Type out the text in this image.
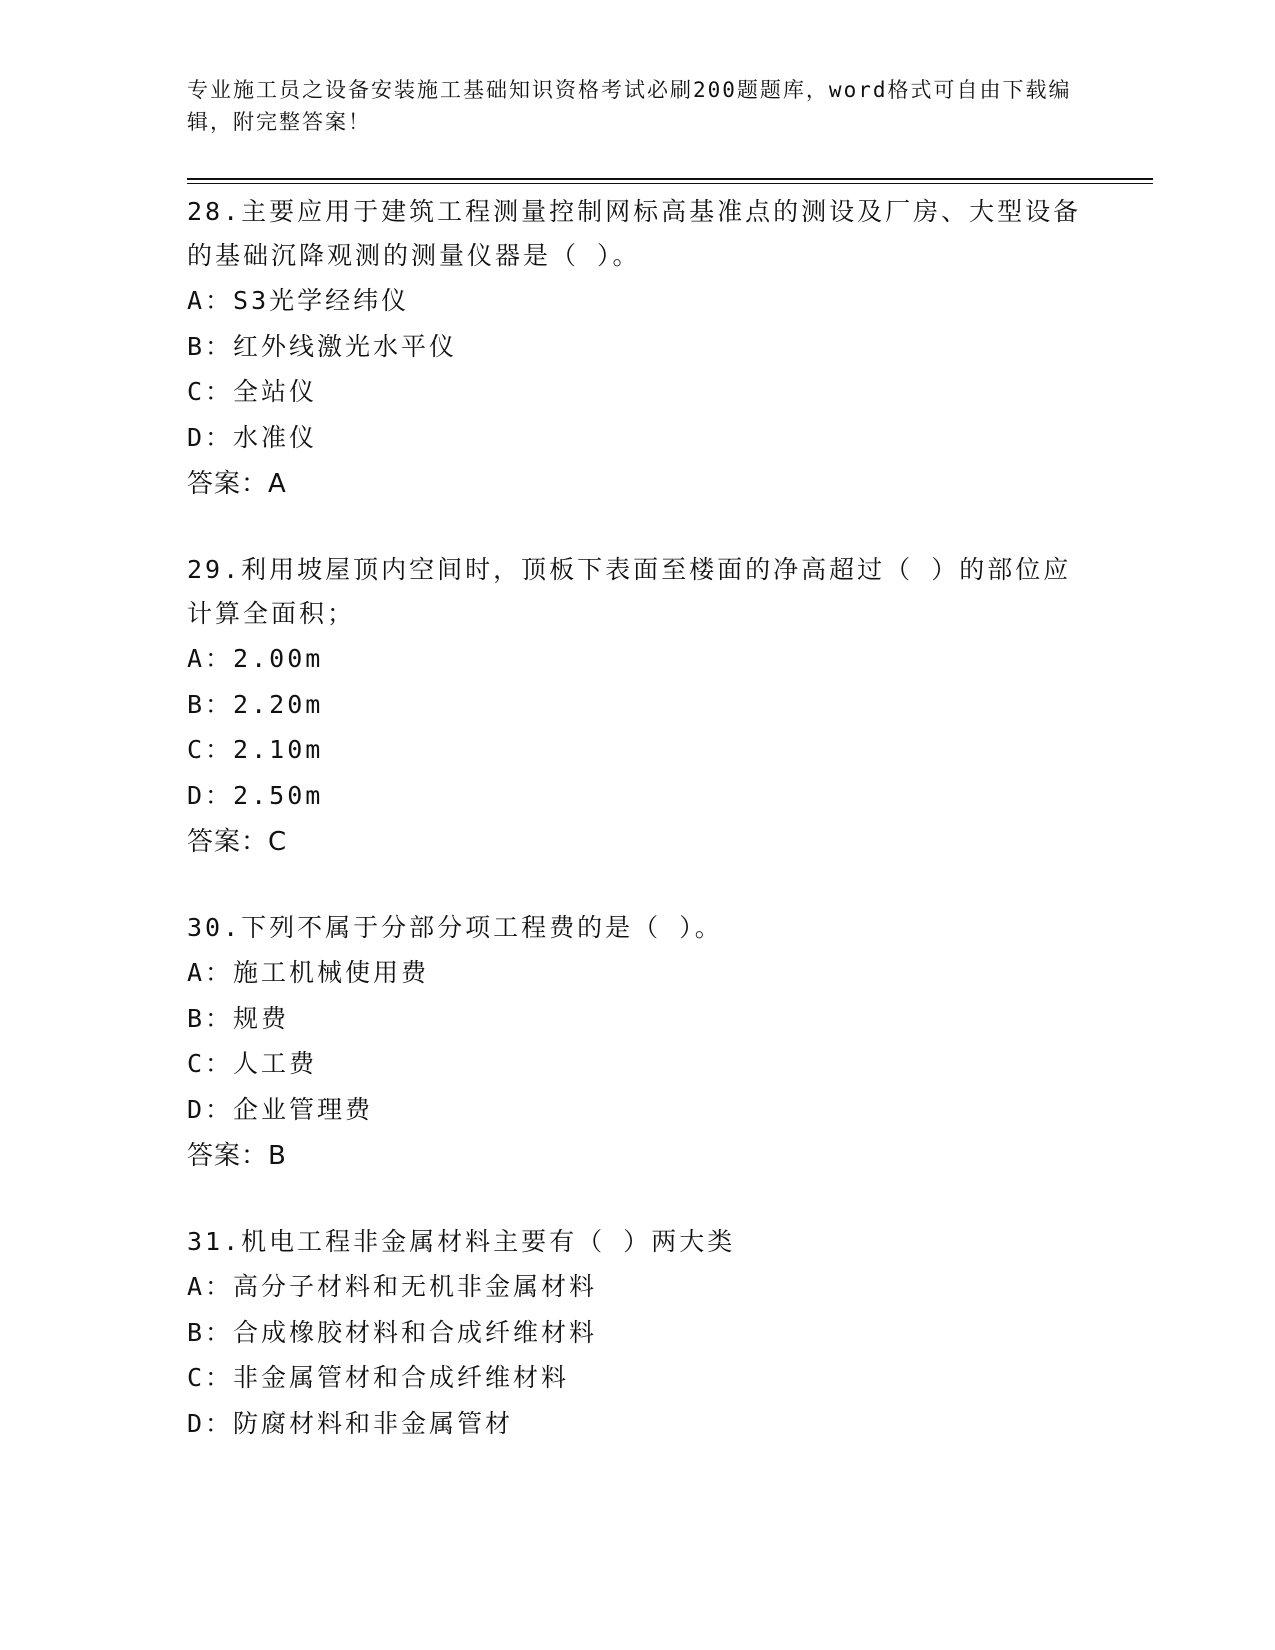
专业施工员之设备安装施工基础知识资格考试必刷200题题库，word格式可自由下载编辑，附完整答案！
28.主要应用于建筑工程测量控制网标高基准点的测设及厂房、大型设备的基础沉降观测的测量仪器是（ ）。
A：S3光学经纬仪
B：红外线激光水平仪
C：全站仪
D：水准仪
答案：A
29.利用坡屋顶内空间时，顶板下表面至楼面的净高超过（ ）的部位应计算全面积；
A：2.00m
B：2.20m
C：2.10m
D：2.50m
答案：C
30.下列不属于分部分项工程费的是（ ）。
A：施工机械使用费
B：规费
C：人工费
D：企业管理费
答案：B
31.机电工程非金属材料主要有（ ）两大类
A：高分子材料和无机非金属材料
B：合成橡胶材料和合成纤维材料
C：非金属管材和合成纤维材料
D：防腐材料和非金属管材
